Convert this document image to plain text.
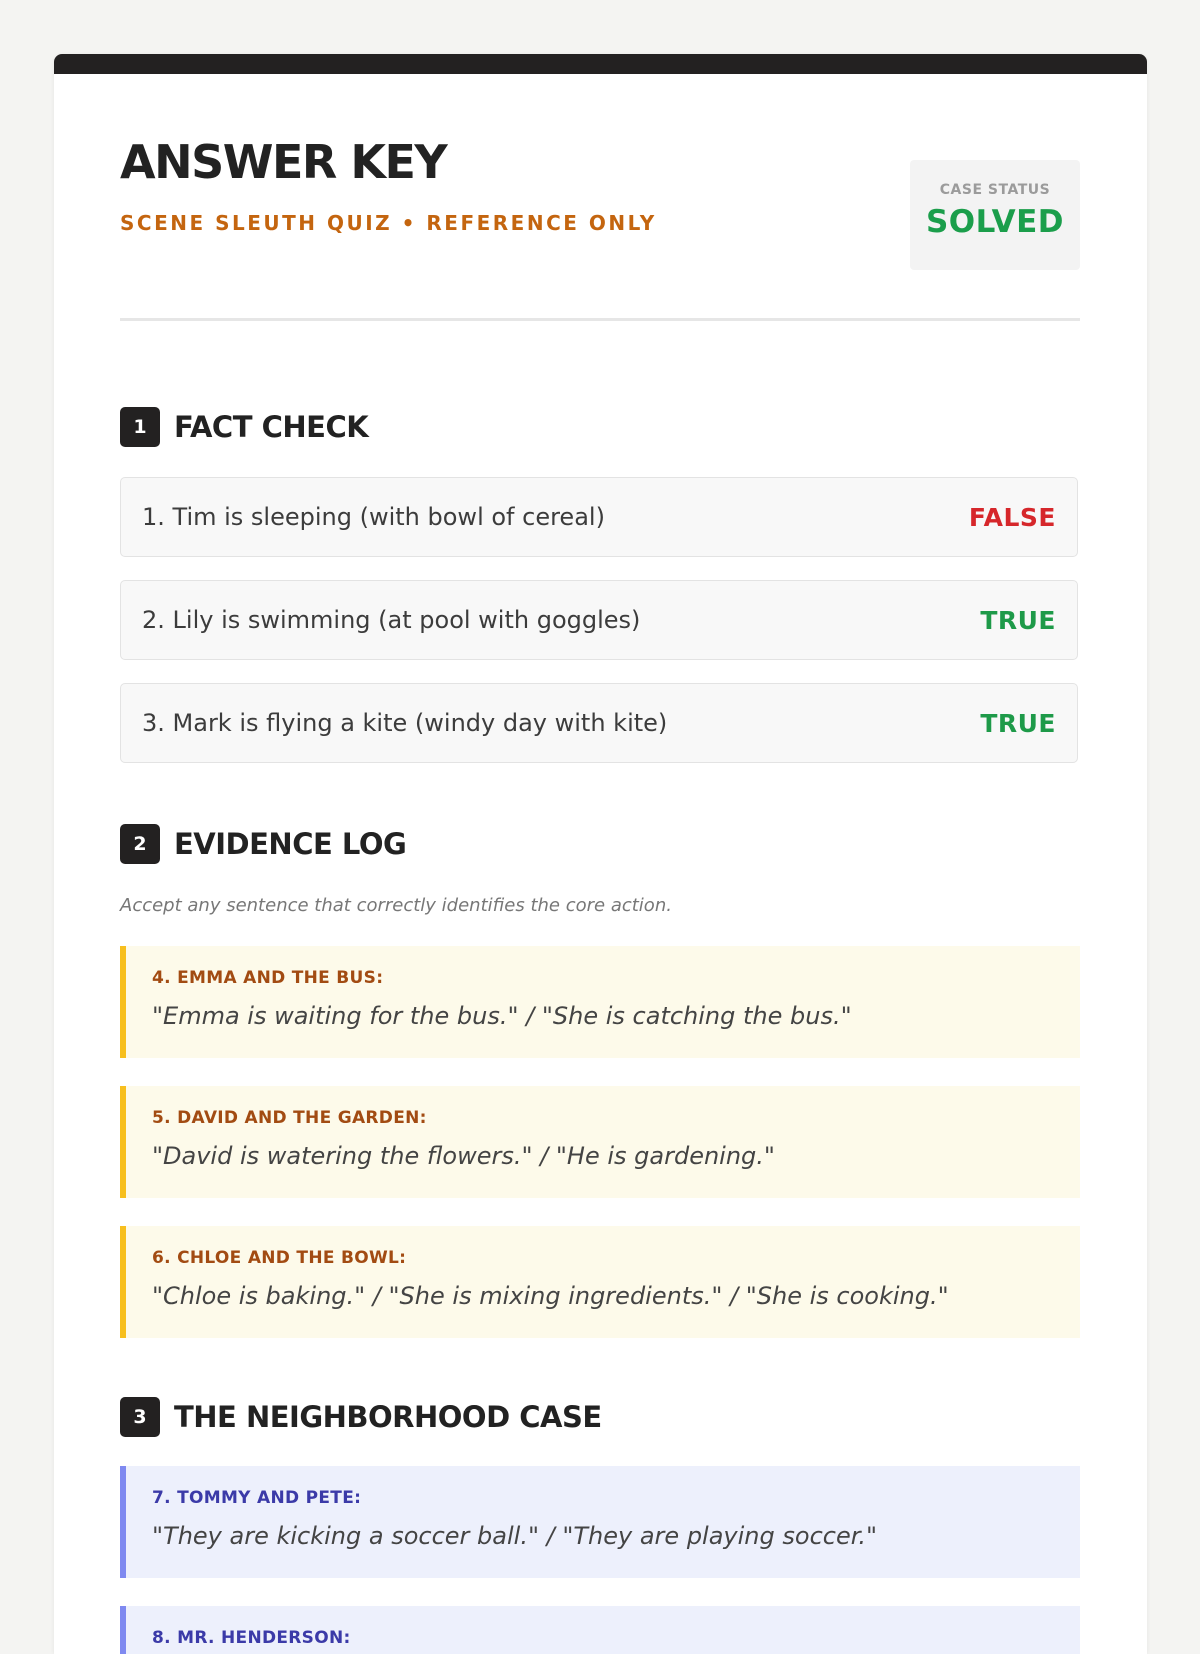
ANSWER KEY
SCENE SLEUTH QUIZ • REFERENCE ONLY
CASE STATUS
SOLVED
1 FACT CHECK
1. Tim is sleeping (with bowl of cereal)	FALSE
2. Lily is swimming (at pool with goggles)	TRUE
3. Mark is flying a kite (windy day with kite)	TRUE
2 EVIDENCE LOG
Accept any sentence that correctly identifies the core action.
4. EMMA AND THE BUS:
"Emma is waiting for the bus." / "She is catching the bus."
5. DAVID AND THE GARDEN:
"David is watering the flowers." / "He is gardening."
6. CHLOE AND THE BOWL:
"Chloe is baking." / "She is mixing ingredients." / "She is cooking."
3 THE NEIGHBORHOOD CASE
7. TOMMY AND PETE:
"They are kicking a soccer ball." / "They are playing soccer."
8. MR. HENDERSON:
